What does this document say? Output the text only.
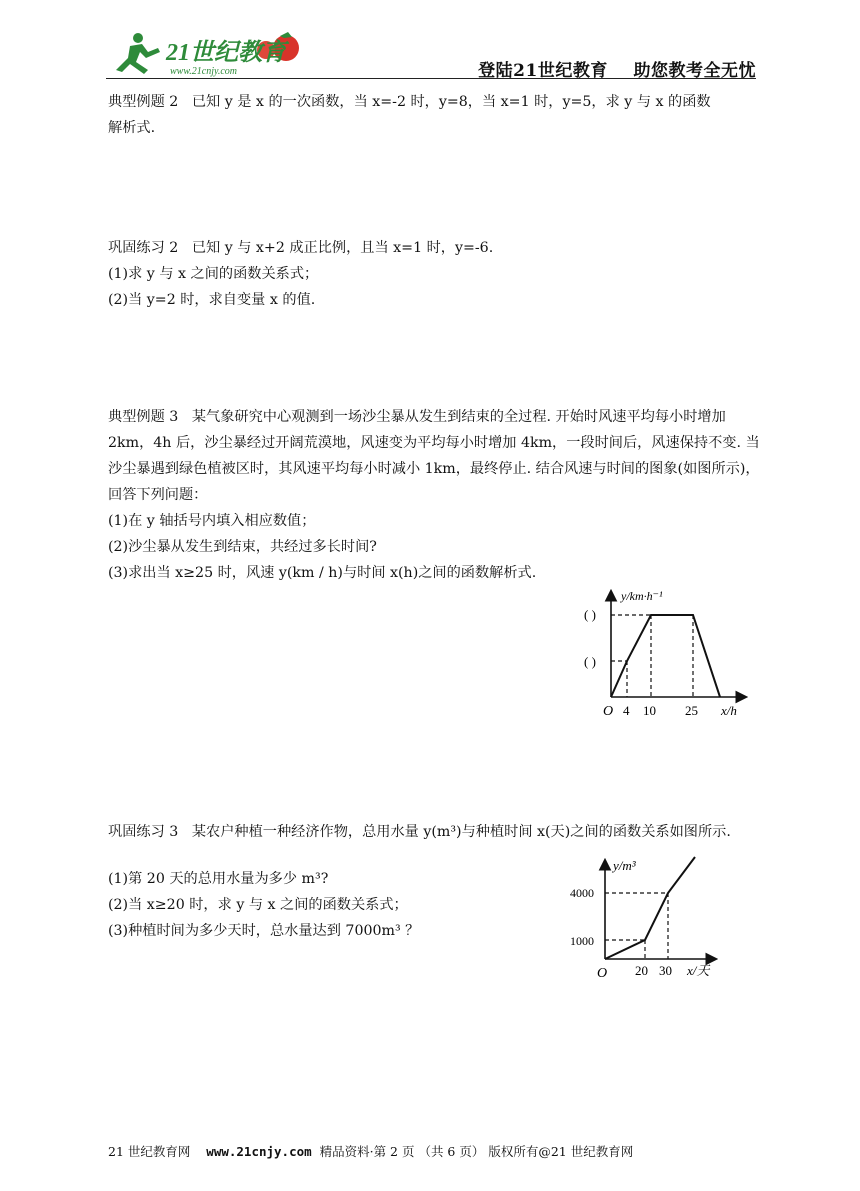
21世纪教育
www.21cnjy.com	登陆21世纪教育    助您教考全无忧
典型例题 2 已知 y 是 x 的一次函数，当 x=-2 时，y=8，当 x=1 时，y=5，求 y 与 x 的函数
解析式.
巩固练习 2 已知 y 与 x+2 成正比例，且当 x=1 时，y=-6.
(1)求 y 与 x 之间的函数关系式；
(2)当 y=2 时，求自变量 x 的值.
典型例题 3 某气象研究中心观测到一场沙尘暴从发生到结束的全过程. 开始时风速平均每小时增加 2km，4h 后，沙尘暴经过开阔荒漠地，风速变为平均每小时增加 4km，一段时间后，风速保持不变. 当沙尘暴遇到绿色植被区时，其风速平均每小时减小 1km，最终停止. 结合风速与时间的图象(如图所示)，回答下列问题：
(1)在 y 轴括号内填入相应数值；
(2)沙尘暴从发生到结束，共经过多长时间?
(3)求出当 x≥25 时，风速 y(km / h)与时间 x(h)之间的函数解析式.
y/km·h⁻¹
( )
( )
O 4 10 25 x/h
巩固练习 3 某农户种植一种经济作物，总用水量 y(m³)与种植时间 x(天)之间的函数关系如图所示.
(1)第 20 天的总用水量为多少 m³?
(2)当 x≥20 时，求 y 与 x 之间的函数关系式；
(3)种植时间为多少天时，总水量达到 7000m³ ？
y/m³
4000
1000
O 20 30 x/天
21 世纪教育网 www.21cnjy.com 精品资料·第 2 页 （共 6 页） 版权所有@21 世纪教育网
